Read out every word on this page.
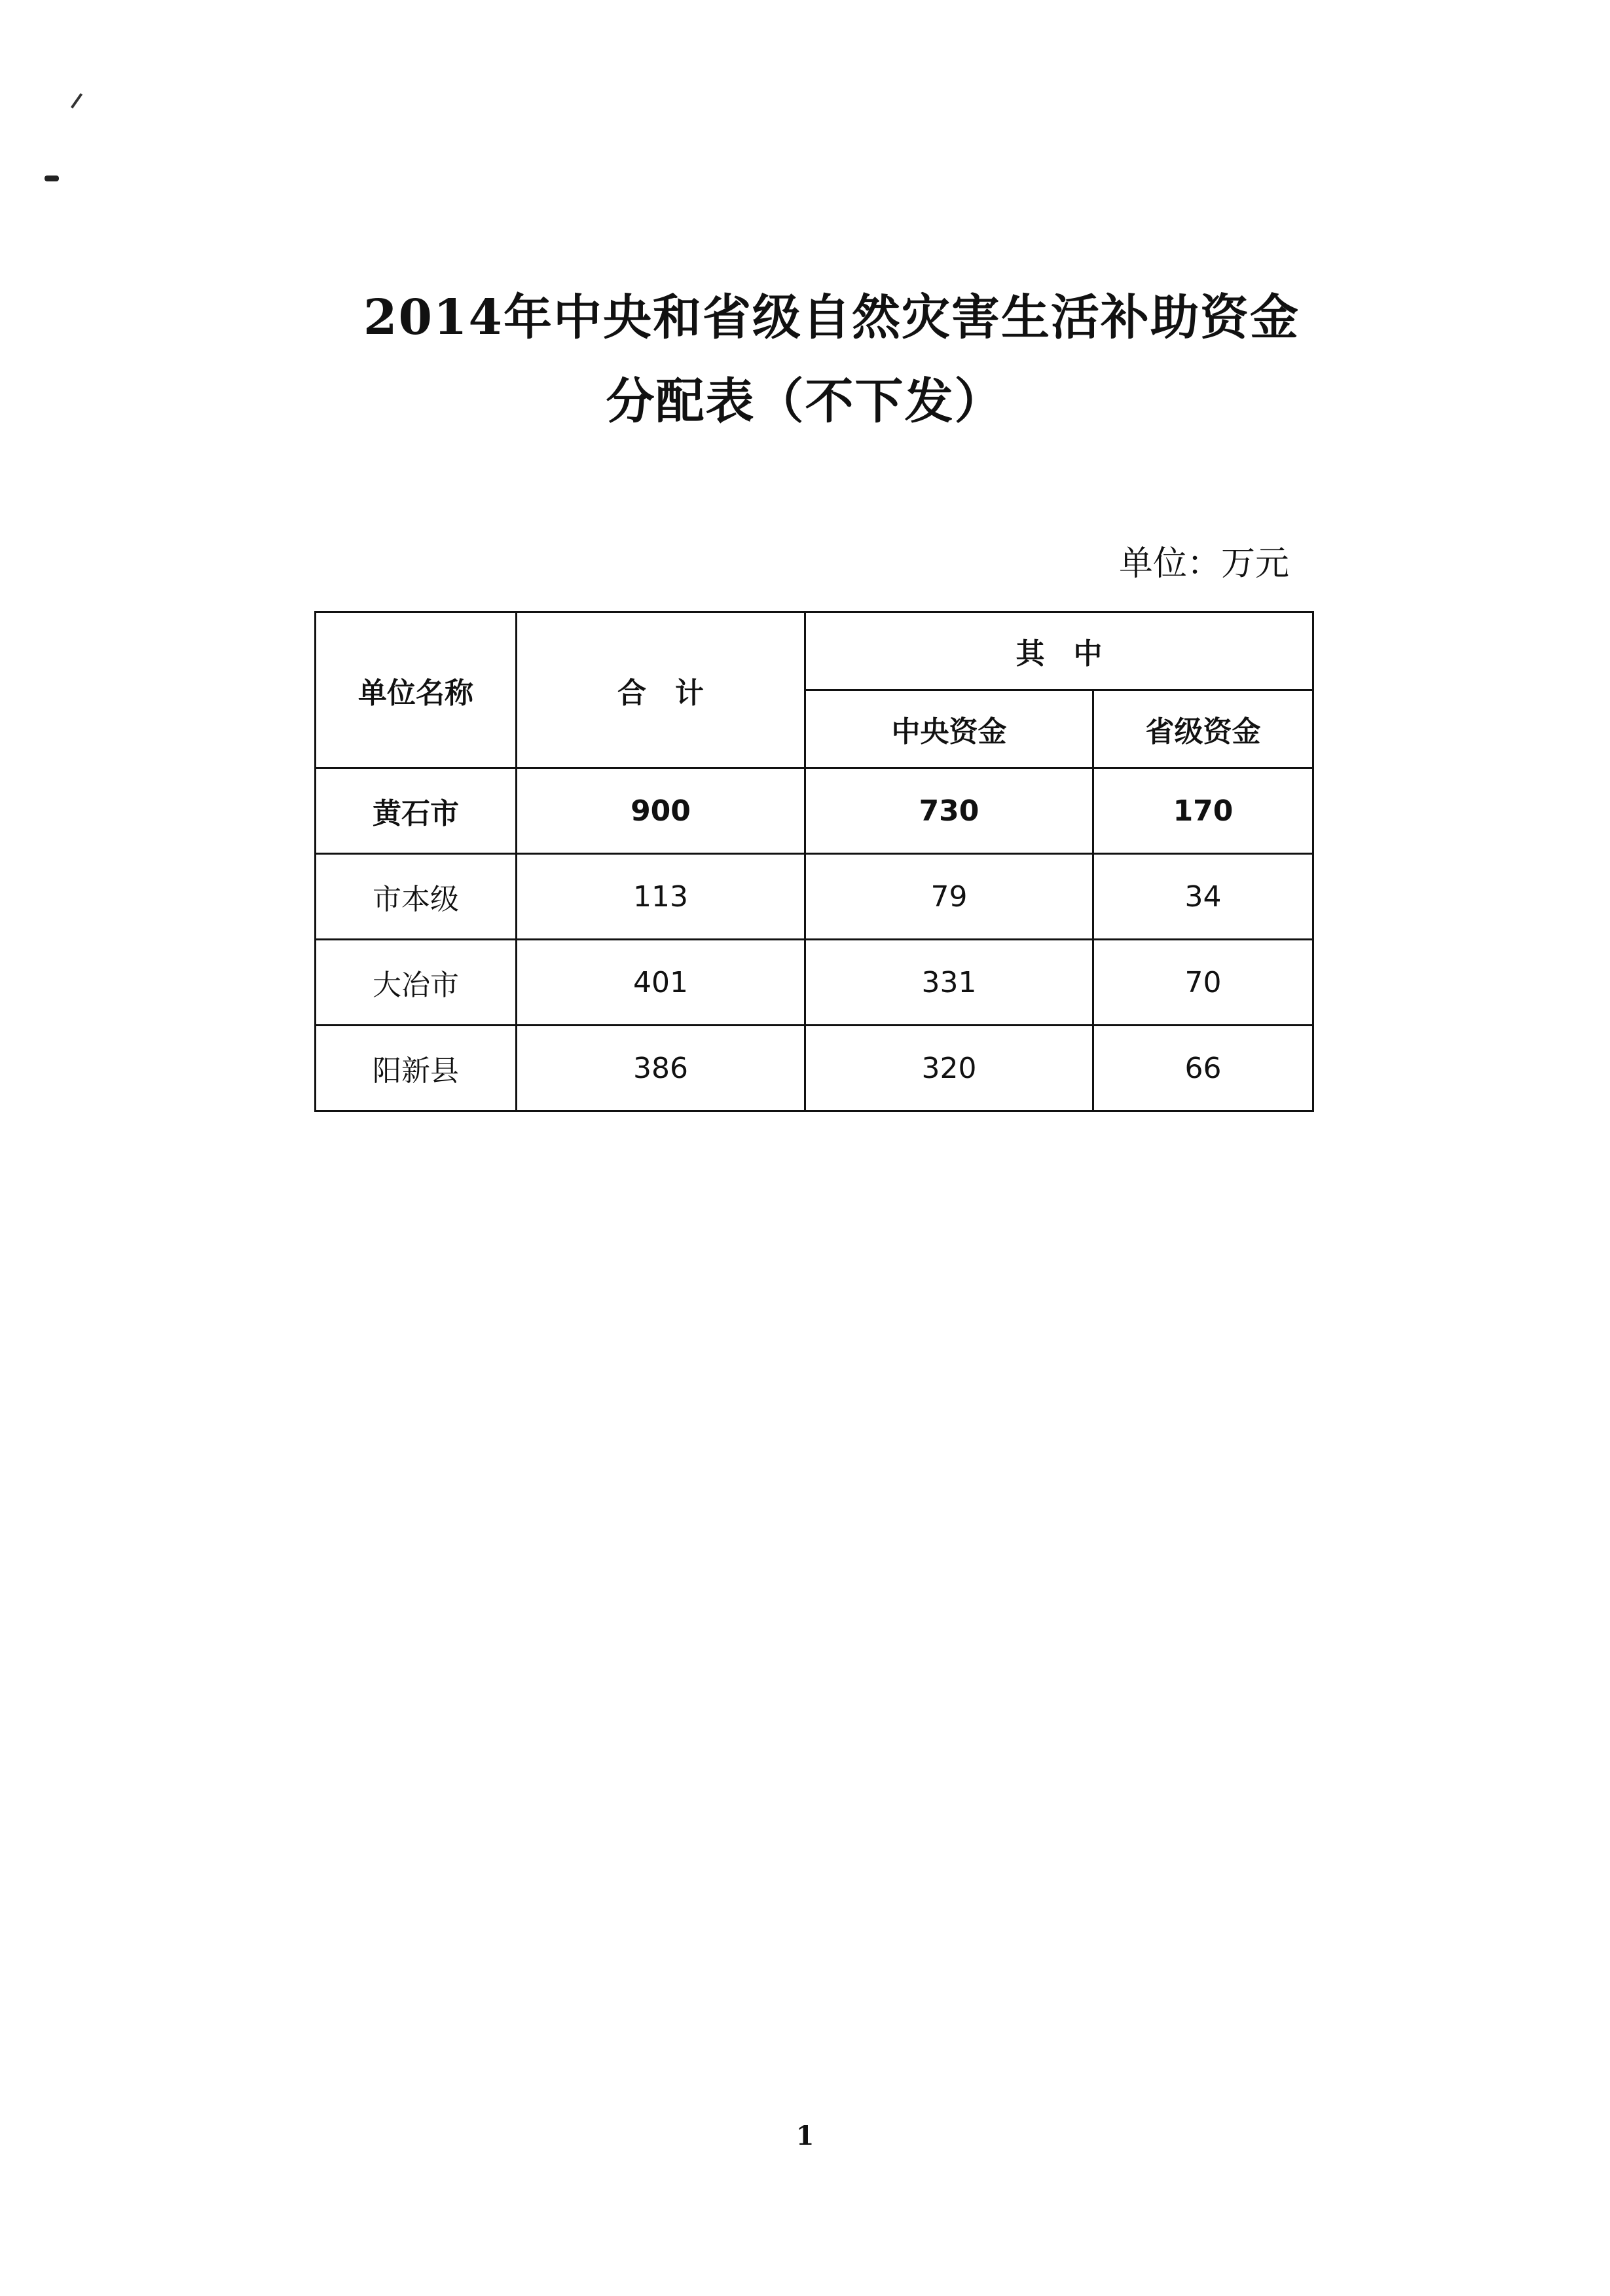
2014年中央和省级自然灾害生活补助资金
分配表（不下发）
单位：万元
单位名称	合　计	其　中	
		中央资金	省级资金
黄石市	900	730	170
市本级	113	79	34
大冶市	401	331	70
阳新县	386	320	66
1
